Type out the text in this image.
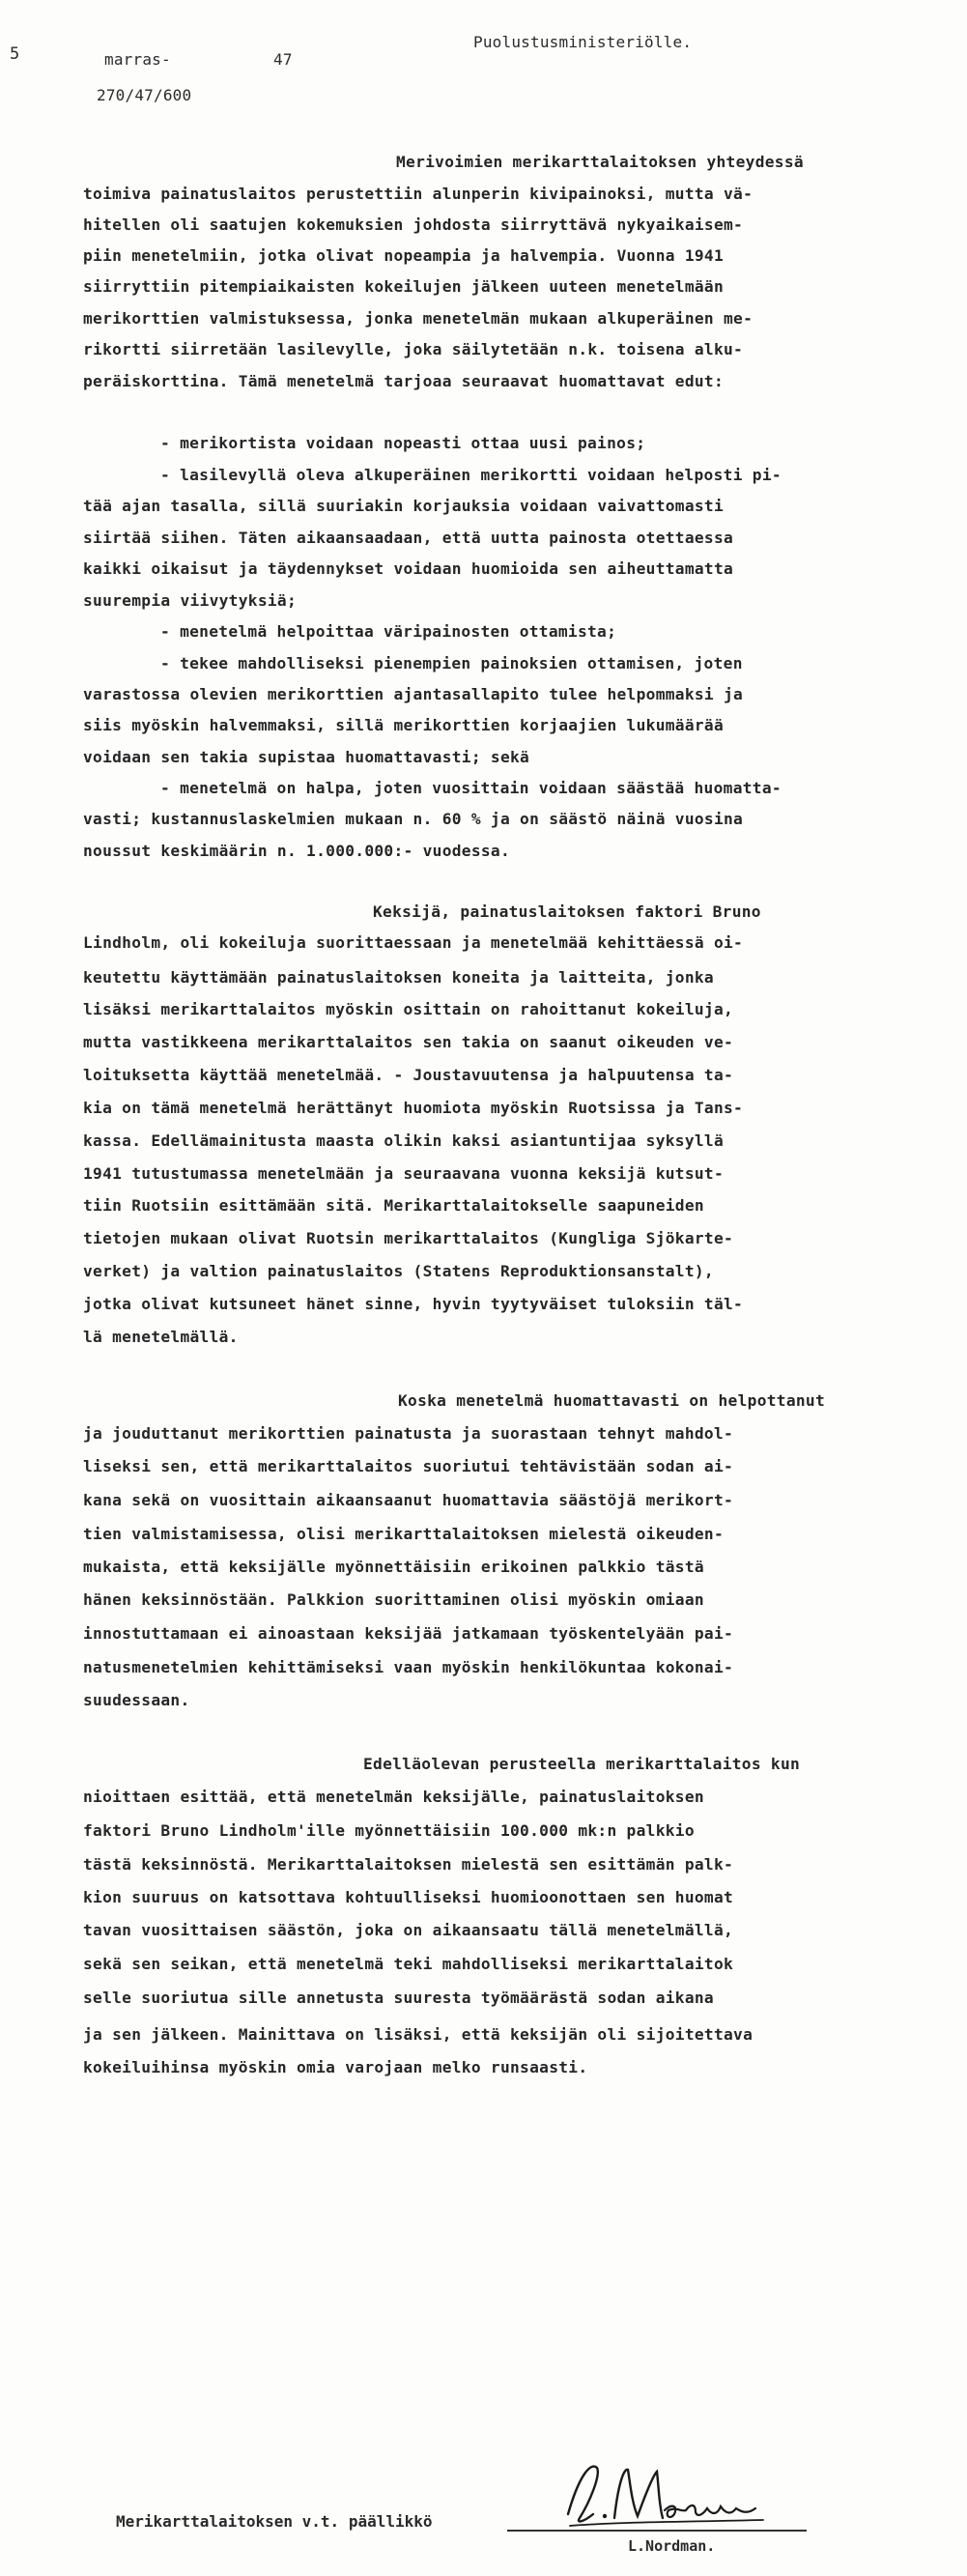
5	marras-	47
270/47/600
Puolustusministeriölle.
Merivoimien merikarttalaitoksen yhteydessä
toimiva painatuslaitos perustettiin alunperin kivipainoksi, mutta vä-
hitellen oli saatujen kokemuksien johdosta siirryttävä nykyaikaisem-
piin menetelmiin, jotka olivat nopeampia ja halvempia. Vuonna 1941
siirryttiin pitempiaikaisten kokeilujen jälkeen uuteen menetelmään
merikorttien valmistuksessa, jonka menetelmän mukaan alkuperäinen me-
rikortti siirretään lasilevylle, joka säilytetään n.k. toisena alku-
peräiskorttina. Tämä menetelmä tarjoaa seuraavat huomattavat edut:
- merikortista voidaan nopeasti ottaa uusi painos;
- lasilevyllä oleva alkuperäinen merikortti voidaan helposti pi-
tää ajan tasalla, sillä suuriakin korjauksia voidaan vaivattomasti
siirtää siihen. Täten aikaansaadaan, että uutta painosta otettaessa
kaikki oikaisut ja täydennykset voidaan huomioida sen aiheuttamatta
suurempia viivytyksiä;
- menetelmä helpoittaa väripainosten ottamista;
- tekee mahdolliseksi pienempien painoksien ottamisen, joten
varastossa olevien merikorttien ajantasallapito tulee helpommaksi ja
siis myöskin halvemmaksi, sillä merikorttien korjaajien lukumäärää
voidaan sen takia supistaa huomattavasti; sekä
- menetelmä on halpa, joten vuosittain voidaan säästää huomatta-
vasti; kustannuslaskelmien mukaan n. 60 % ja on säästö näinä vuosina
noussut keskimäärin n. 1.000.000:- vuodessa.
Keksijä, painatuslaitoksen faktori Bruno
Lindholm, oli kokeiluja suorittaessaan ja menetelmää kehittäessä oi-
keutettu käyttämään painatuslaitoksen koneita ja laitteita, jonka
lisäksi merikarttalaitos myöskin osittain on rahoittanut kokeiluja,
mutta vastikkeena merikarttalaitos sen takia on saanut oikeuden ve-
loituksetta käyttää menetelmää. - Joustavuutensa ja halpuutensa ta-
kia on tämä menetelmä herättänyt huomiota myöskin Ruotsissa ja Tans-
kassa. Edellämainitusta maasta olikin kaksi asiantuntijaa syksyllä
1941 tutustumassa menetelmään ja seuraavana vuonna keksijä kutsut-
tiin Ruotsiin esittämään sitä. Merikarttalaitokselle saapuneiden
tietojen mukaan olivat Ruotsin merikarttalaitos (Kungliga Sjökarte-
verket) ja valtion painatuslaitos (Statens Reproduktionsanstalt),
jotka olivat kutsuneet hänet sinne, hyvin tyytyväiset tuloksiin täl-
lä menetelmällä.
Koska menetelmä huomattavasti on helpottanut
ja jouduttanut merikorttien painatusta ja suorastaan tehnyt mahdol-
liseksi sen, että merikarttalaitos suoriutui tehtävistään sodan ai-
kana sekä on vuosittain aikaansaanut huomattavia säästöjä merikort-
tien valmistamisessa, olisi merikarttalaitoksen mielestä oikeuden-
mukaista, että keksijälle myönnettäisiin erikoinen palkkio tästä
hänen keksinnöstään. Palkkion suorittaminen olisi myöskin omiaan
innostuttamaan ei ainoastaan keksijää jatkamaan työskentelyään pai-
natusmenetelmien kehittämiseksi vaan myöskin henkilökuntaa kokonai-
suudessaan.
Edelläolevan perusteella merikarttalaitos kun
nioittaen esittää, että menetelmän keksijälle, painatuslaitoksen
faktori Bruno Lindholm'ille myönnettäisiin 100.000 mk:n palkkio
tästä keksinnöstä. Merikarttalaitoksen mielestä sen esittämän palk-
kion suuruus on katsottava kohtuulliseksi huomioonottaen sen huomat
tavan vuosittaisen säästön, joka on aikaansaatu tällä menetelmällä,
sekä sen seikan, että menetelmä teki mahdolliseksi merikarttalaitok
selle suoriutua sille annetusta suuresta työmäärästä sodan aikana
ja sen jälkeen. Mainittava on lisäksi, että keksijän oli sijoitettava
kokeiluihinsa myöskin omia varojaan melko runsaasti.
Merikarttalaitoksen v.t. päällikkö
L.Nordman.
